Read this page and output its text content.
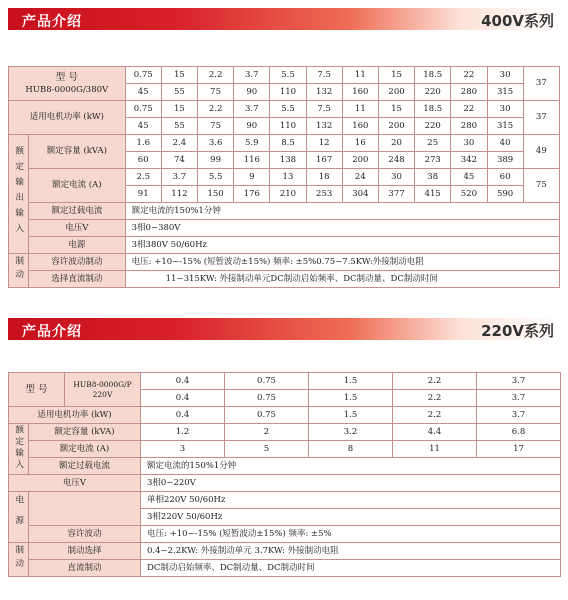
产品介绍	400V系列
型 号
HUB8-0000G/380V		0.75	15	2.2	3.7	5.5	7.5	11	15	18.5	22	30	37
		45	55	75	90	110	132	160	200	220	280	315	
适用电机功率 (kW)		0.75	15	2.2	3.7	5.5	7.5	11	15	18.5	22	30	37
		45	55	75	90	110	132	160	200	220	280	315	
额定输出输入	额定容量 (kVA)	1.6	2.4	3.6	5.9	8.5	12	16	20	25	30	40	49
		60	74	99	116	138	167	200	248	273	342	389	
	额定电流 (A)	2.5	3.7	5.5	9	13	18	24	30	38	45	60	75
		91	112	150	176	210	253	304	377	415	520	590	
	额定过载电流	额定电流的150%1分钟											
	电压V	3相0~380V											
	电源	3相380V 50/60Hz											
制动	容许波动制动	电压: +10~-15% (短暂波动±15%) 频率: ±5%0.75~7.5KW:外接制动电阻											
	选择直流制动	11~315KW: 外接制动单元DC制动启始频率、DC制动量、DC制动时间											
产品介绍	220V系列
型 号		HUB8-0000G/P 220V	0.4	0.75	1.5	2.2	3.7
			0.4	0.75	1.5	2.2	3.7
适用电机功率 (kW)			0.4	0.75	1.5	2.2	3.7
额定输入	额定容量 (kVA)		1.2	2	3.2	4.4	6.8
	额定电流 (A)		3	5	8	11	17
	额定过载电流		额定电流的150%1分钟				
电压V			3相0~220V				
电源			单相220V 50/60Hz				
			3相220V 50/60Hz				
	容许波动		电压: +10~-15% (短暂波动±15%) 频率: ±5%				
制动	制动选择		0.4~2.2KW: 外接制动单元 3.7KW: 外接制动电阻				
	直流制动		DC制动启始频率、DC制动量、DC制动时间				
